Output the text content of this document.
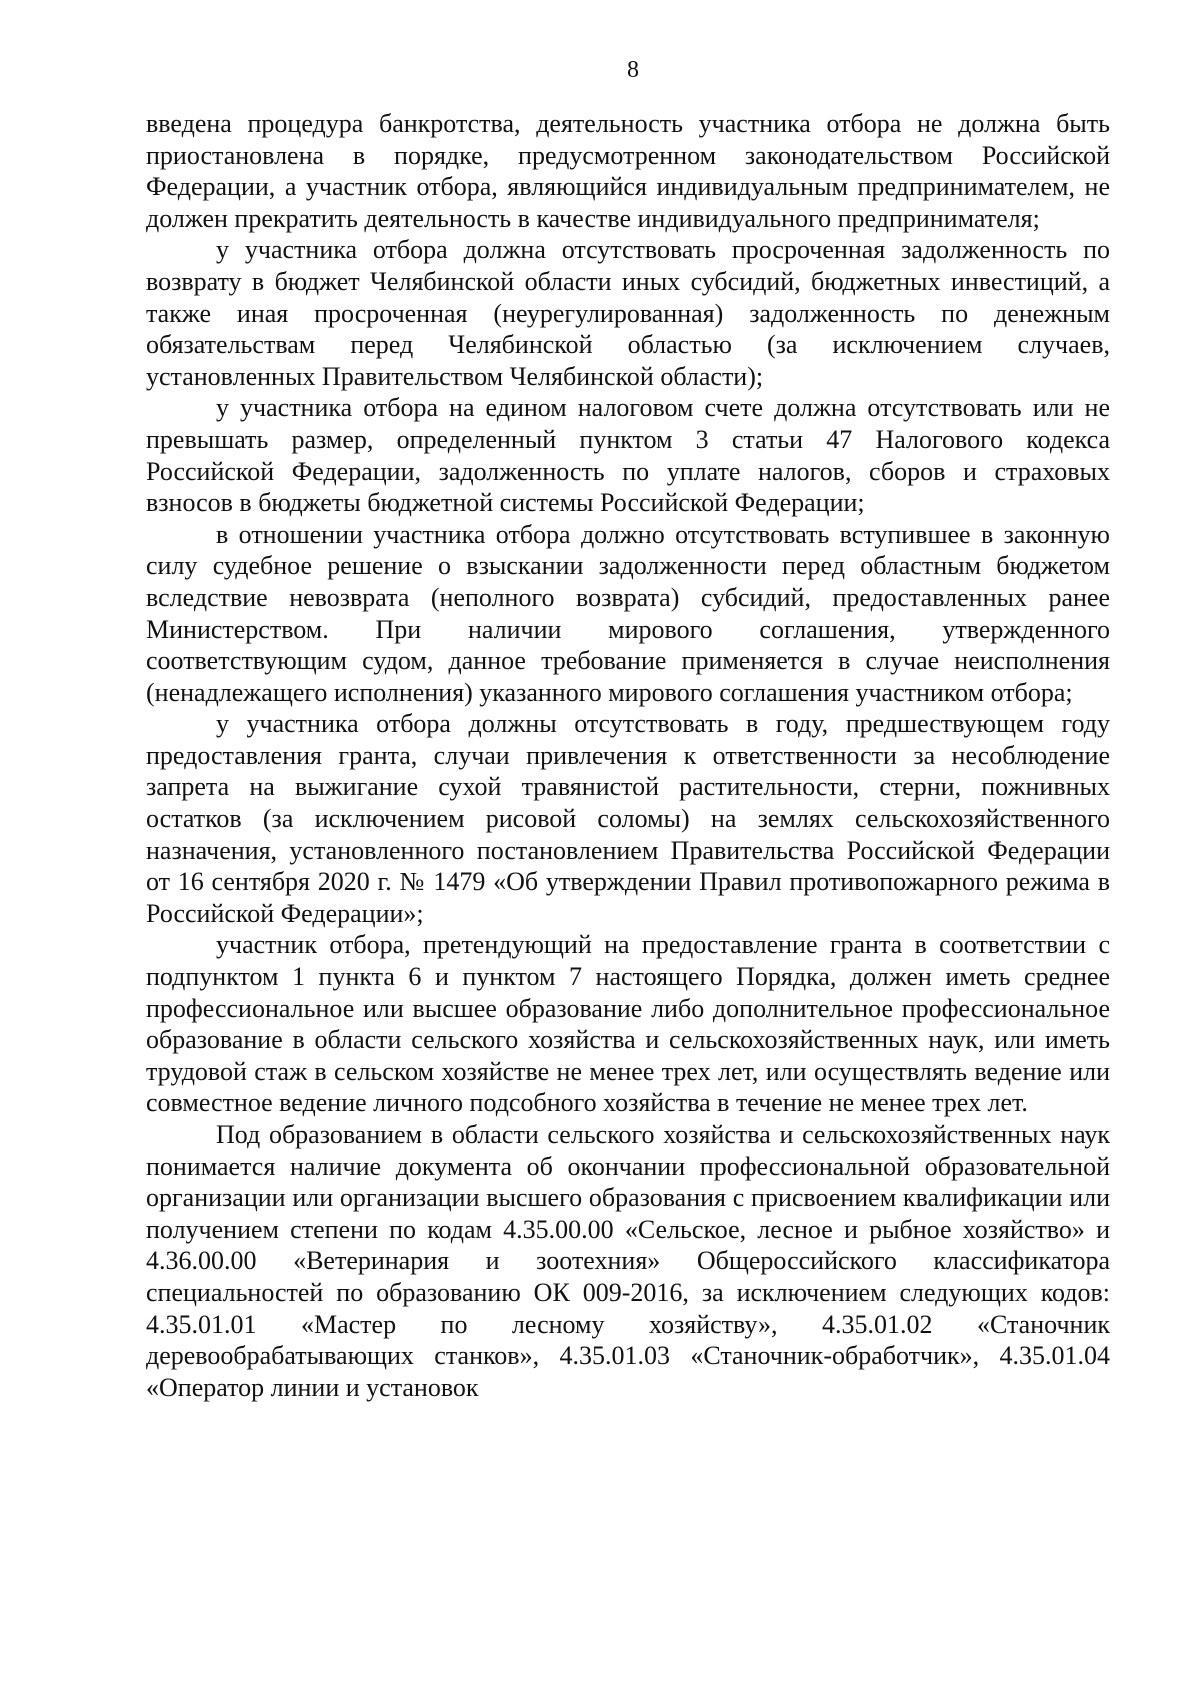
8

введена процедура банкротства, деятельность участника отбора не должна быть приостановлена в порядке, предусмотренном законодательством Российской Федерации, а участник отбора, являющийся индивидуальным предпринимателем, не должен прекратить деятельность в качестве индивидуального предпринимателя;

у участника отбора должна отсутствовать просроченная задолженность по возврату в бюджет Челябинской области иных субсидий, бюджетных инвестиций, а также иная просроченная (неурегулированная) задолженность по денежным обязательствам перед Челябинской областью (за исключением случаев, установленных Правительством Челябинской области);

у участника отбора на едином налоговом счете должна отсутствовать или не превышать размер, определенный пунктом 3 статьи 47 Налогового кодекса Российской Федерации, задолженность по уплате налогов, сборов и страховых взносов в бюджеты бюджетной системы Российской Федерации;

в отношении участника отбора должно отсутствовать вступившее в законную силу судебное решение о взыскании задолженности перед областным бюджетом вследствие невозврата (неполного возврата) субсидий, предоставленных ранее Министерством. При наличии мирового соглашения, утвержденного соответствующим судом, данное требование применяется в случае неисполнения (ненадлежащего исполнения) указанного мирового соглашения участником отбора;

у участника отбора должны отсутствовать в году, предшествующем году предоставления гранта, случаи привлечения к ответственности за несоблюдение запрета на выжигание сухой травянистой растительности, стерни, пожнивных остатков (за исключением рисовой соломы) на землях сельскохозяйственного назначения, установленного постановлением Правительства Российской Федерации от 16 сентября 2020 г. № 1479 «Об утверждении Правил противопожарного режима в Российской Федерации»;

участник отбора, претендующий на предоставление гранта в соответствии с подпунктом 1 пункта 6 и пунктом 7 настоящего Порядка, должен иметь среднее профессиональное или высшее образование либо дополнительное профессиональное образование в области сельского хозяйства и сельскохозяйственных наук, или иметь трудовой стаж в сельском хозяйстве не менее трех лет, или осуществлять ведение или совместное ведение личного подсобного хозяйства в течение не менее трех лет.

Под образованием в области сельского хозяйства и сельскохозяйственных наук понимается наличие документа об окончании профессиональной образовательной организации или организации высшего образования с присвоением квалификации или получением степени по кодам 4.35.00.00 «Сельское, лесное и рыбное хозяйство» и 4.36.00.00 «Ветеринария и зоотехния» Общероссийского классификатора специальностей по образованию ОК 009-2016, за исключением следующих кодов: 4.35.01.01 «Мастер по лесному хозяйству», 4.35.01.02 «Станочник деревообрабатывающих станков», 4.35.01.03 «Станочник-обработчик», 4.35.01.04 «Оператор линии и установок
